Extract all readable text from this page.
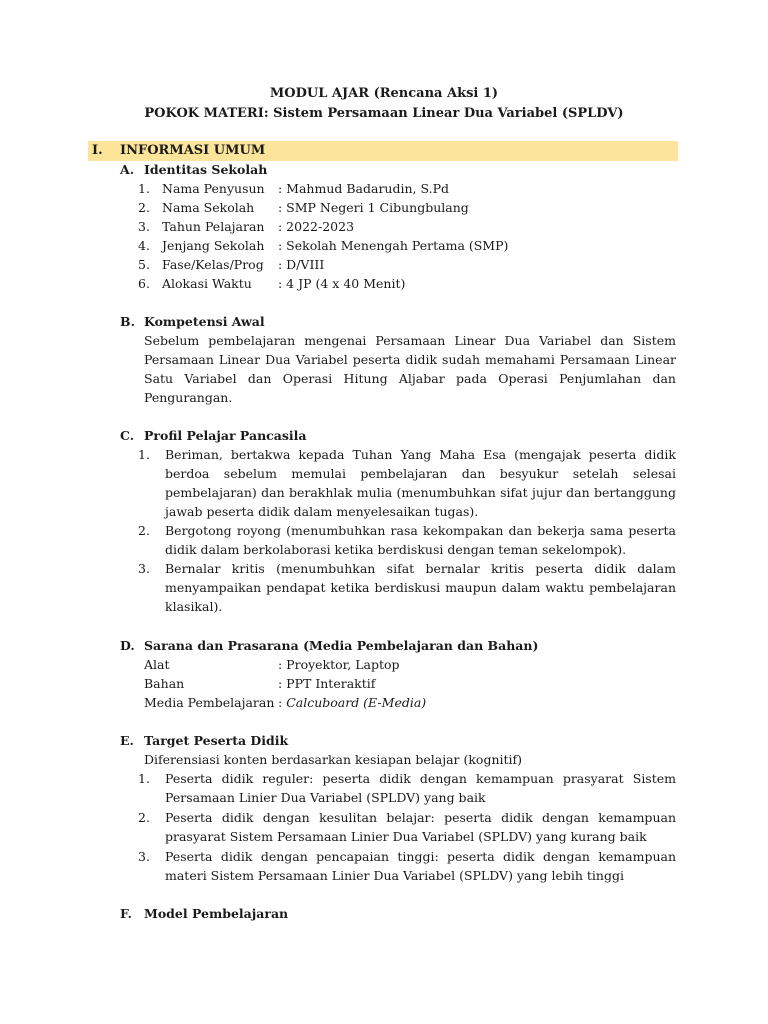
MODUL AJAR (Rencana Aksi 1)
POKOK MATERI: Sistem Persamaan Linear Dua Variabel (SPLDV)
I. INFORMASI UMUM
A. Identitas Sekolah
1. Nama Penyusun : Mahmud Badarudin, S.Pd
2. Nama Sekolah : SMP Negeri 1 Cibungbulang
3. Tahun Pelajaran : 2022-2023
4. Jenjang Sekolah : Sekolah Menengah Pertama (SMP)
5. Fase/Kelas/Prog : D/VIII
6. Alokasi Waktu : 4 JP (4 x 40 Menit)
B. Kompetensi Awal
Sebelum pembelajaran mengenai Persamaan Linear Dua Variabel dan Sistem Persamaan Linear Dua Variabel peserta didik sudah memahami Persamaan Linear Satu Variabel dan Operasi Hitung Aljabar pada Operasi Penjumlahan dan Pengurangan.
C. Profil Pelajar Pancasila
1. Beriman, bertakwa kepada Tuhan Yang Maha Esa (mengajak peserta didik berdoa sebelum memulai pembelajaran dan besyukur setelah selesai pembelajaran) dan berakhlak mulia (menumbuhkan sifat jujur dan bertanggung jawab peserta didik dalam menyelesaikan tugas).
2. Bergotong royong (menumbuhkan rasa kekompakan dan bekerja sama peserta didik dalam berkolaborasi ketika berdiskusi dengan teman sekelompok).
3. Bernalar kritis (menumbuhkan sifat bernalar kritis peserta didik dalam menyampaikan pendapat ketika berdiskusi maupun dalam waktu pembelajaran klasikal).
D. Sarana dan Prasarana (Media Pembelajaran dan Bahan)
Alat	: Proyektor, Laptop
Bahan	: PPT Interaktif
Media Pembelajaran : Calcuboard (E-Media)
E. Target Peserta Didik
Diferensiasi konten berdasarkan kesiapan belajar (kognitif)
1. Peserta didik reguler: peserta didik dengan kemampuan prasyarat Sistem Persamaan Linier Dua Variabel (SPLDV) yang baik
2. Peserta didik dengan kesulitan belajar: peserta didik dengan kemampuan prasyarat Sistem Persamaan Linier Dua Variabel (SPLDV) yang kurang baik
3. Peserta didik dengan pencapaian tinggi: peserta didik dengan kemampuan materi Sistem Persamaan Linier Dua Variabel (SPLDV) yang lebih tinggi
F. Model Pembelajaran
